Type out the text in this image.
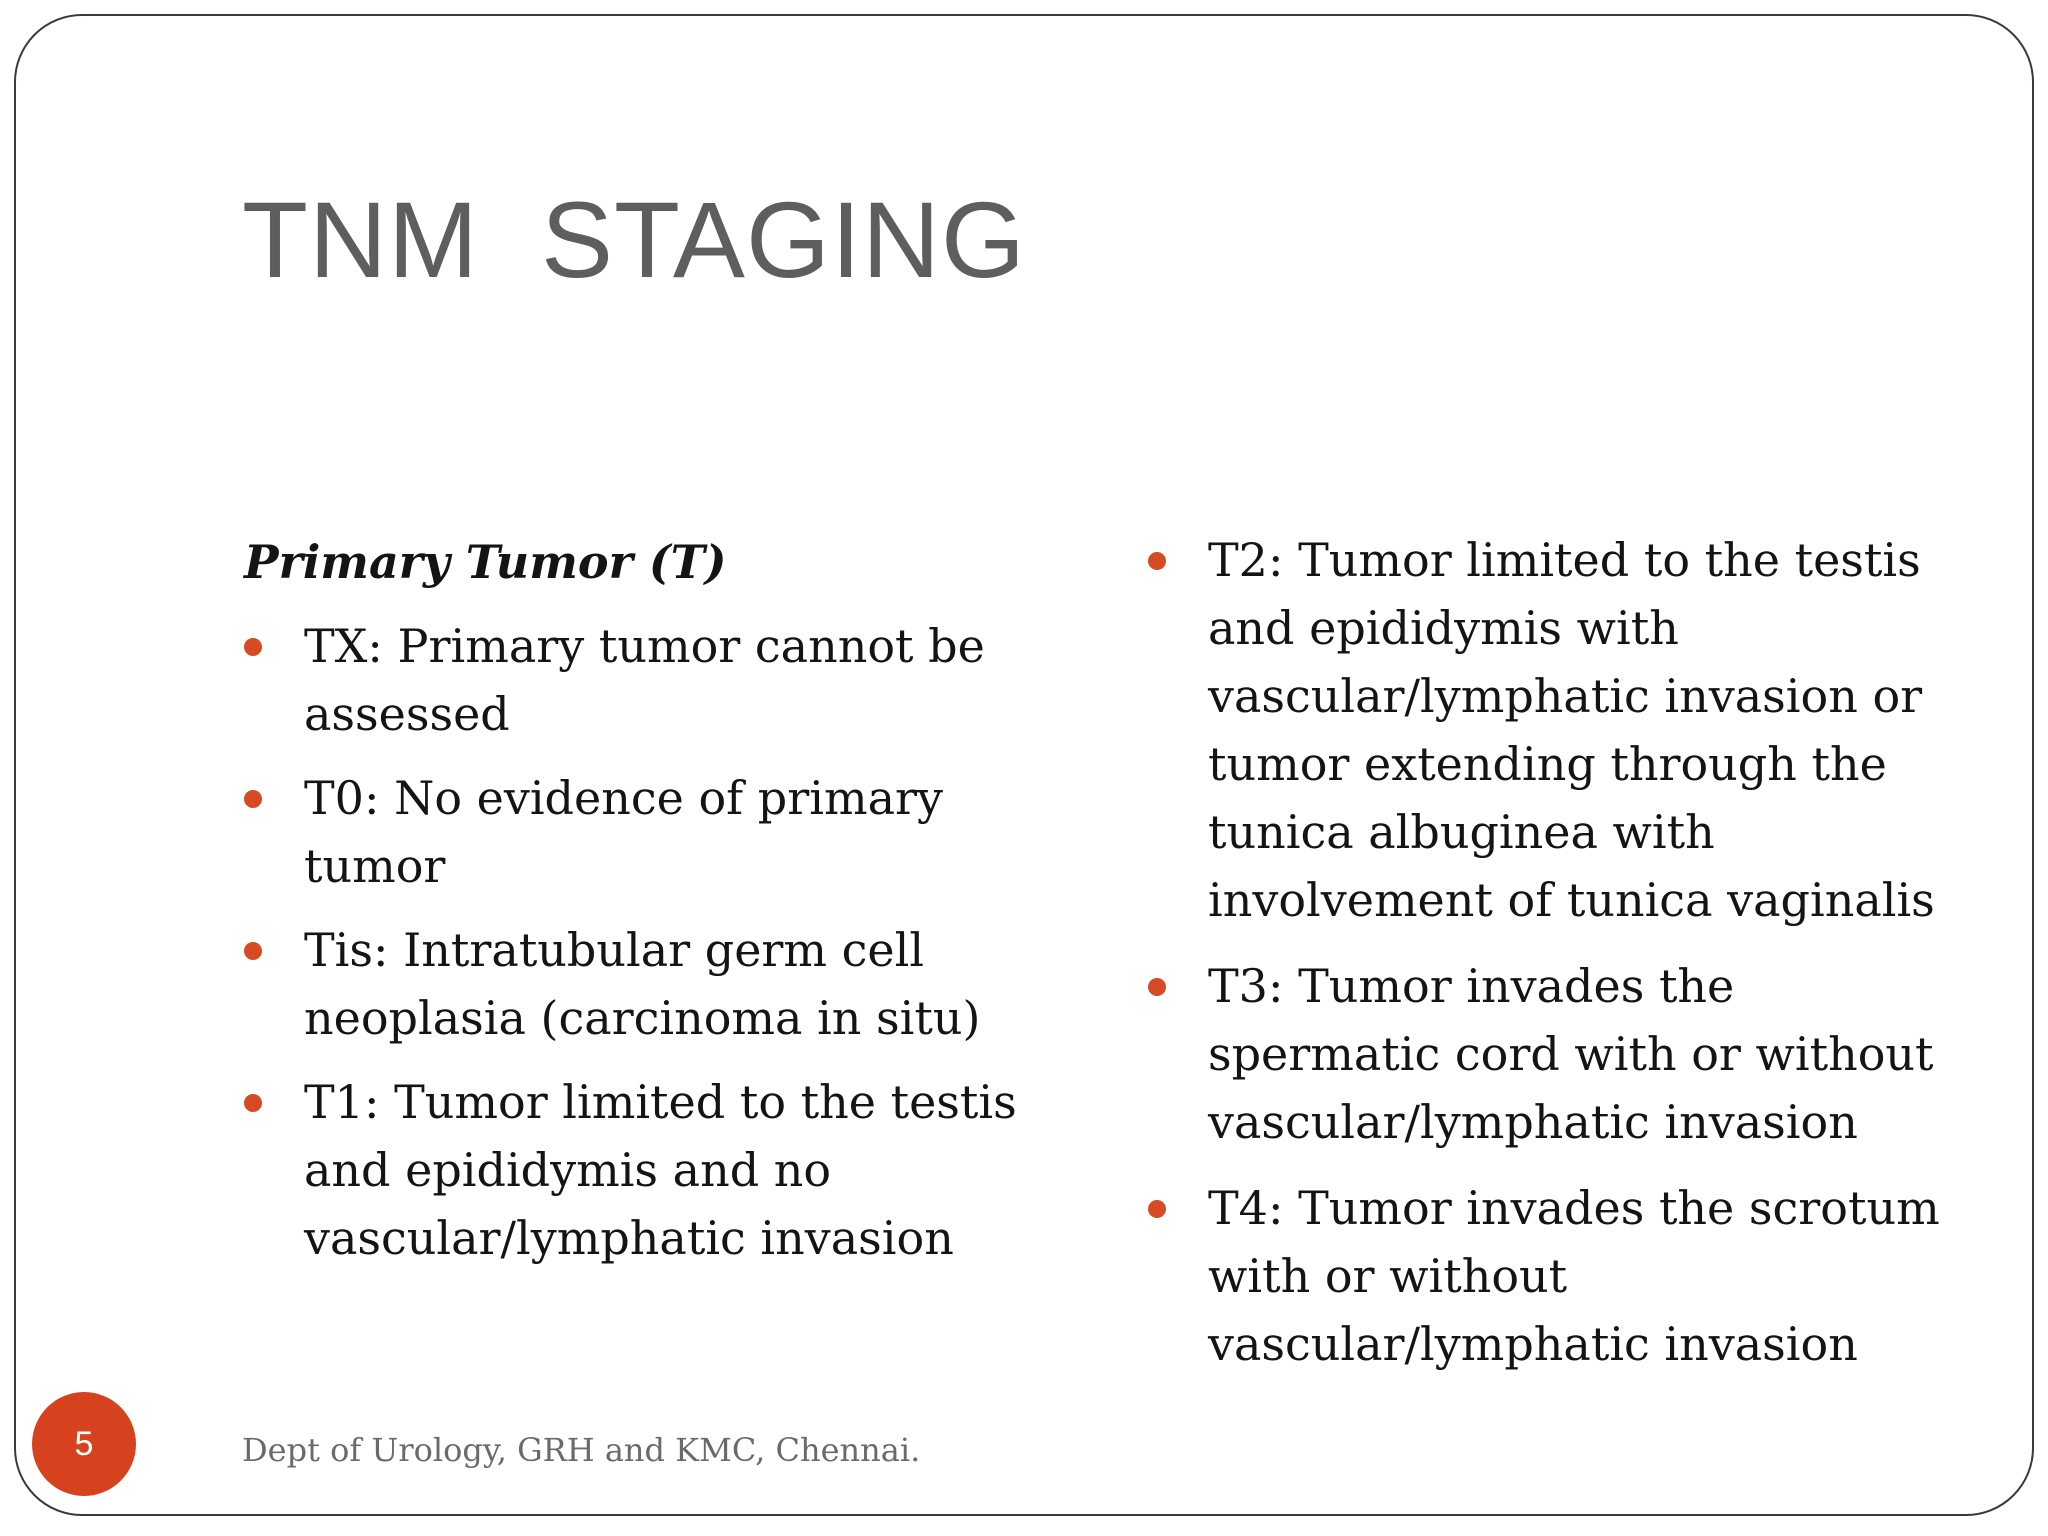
TNM  STAGING
Primary Tumor (T)
TX: Primary tumor cannot be assessed
T0: No evidence of primary tumor
Tis: Intratubular germ cell neoplasia (carcinoma in situ)
T1: Tumor limited to the testis and epididymis and no vascular/lymphatic invasion
T2: Tumor limited to the testis and epididymis with vascular/lymphatic invasion or tumor extending through the tunica albuginea with involvement of tunica vaginalis
T3: Tumor invades the spermatic cord with or without vascular/lymphatic invasion
T4: Tumor invades the scrotum with or without vascular/lymphatic invasion
Dept of Urology, GRH and KMC, Chennai.
5
